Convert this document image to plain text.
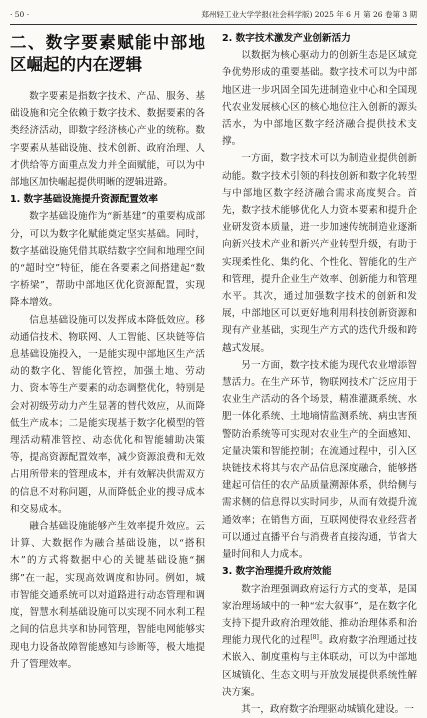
· 50 ·	郑州轻工业大学学报(社会科学版) 2025 年 6 月 第 26 卷第 3 期
二、数字要素赋能中部地区崛起的内在逻辑
数字要素是指数字技术、产品、服务、基础设施和完全依赖于数字技术、数据要素的各类经济活动，即数字经济核心产业的统称。数字要素从基础设施、技术创新、政府治理、人才供给等方面重点发力并全面赋能，可以为中部地区加快崛起提供明晰的逻辑进路。
1. 数字基础设施提升资源配置效率
数字基础设施作为“新基建”的重要构成部分，可以为数字化赋能奠定坚实基础。同时，数字基础设施凭借其联结数字空间和地理空间的“超时空”特征，能在各要素之间搭建起“数字桥梁”，帮助中部地区优化资源配置，实现降本增效。
信息基础设施可以发挥成本降低效应。移动通信技术、物联网、人工智能、区块链等信息基础设施投入，一是能实现中部地区生产活动的数字化、智能化管控，加强土地、劳动力、资本等生产要素的动态调整优化，特别是会对初级劳动力产生显著的替代效应，从而降低生产成本；二是能实现基于数字化模型的管理活动精准管控、动态优化和智能辅助决策等，提高资源配置效率，减少资源浪费和无效占用所带来的管理成本，并有效解决供需双方的信息不对称问题，从而降低企业的搜寻成本和交易成本。
融合基础设施能够产生效率提升效应。云计算、大数据作为融合基础设施，以“搭积木”的方式将数据中心的关键基础设施“捆绑”在一起，实现高效调度和协同。例如，城市智能交通系统可以对道路进行动态管理和调度，智慧水利基础设施可以实现不同水利工程之间的信息共享和协同管理，智能电网能够实现电力设备故障智能感知与诊断等，极大地提升了管理效率。
2. 数字技术激发产业创新活力
以数据为核心驱动力的创新生态是区域竞争优势形成的重要基础。数字技术可以为中部地区进一步巩固全国先进制造业中心和全国现代农业发展核心区的核心地位注入创新的源头活水，为中部地区数字经济融合提供技术支撑。
一方面，数字技术可以为制造业提供创新动能。数字技术引领的科技创新和数字化转型与中部地区数字经济融合需求高度契合。首先，数字技术能够优化人力资本要素和提升企业研发资本质量，进一步加速传统制造业逐渐向新兴技术产业和新兴产业转型升级，有助于实现柔性化、集约化、个性化、智能化的生产和管理，提升企业生产效率、创新能力和管理水平。其次，通过加强数字技术的创新和发展，中部地区可以更好地利用科技创新资源和现有产业基础，实现生产方式的迭代升级和跨越式发展。
另一方面，数字技术能为现代农业增添智慧活力。在生产环节，物联网技术广泛应用于农业生产活动的各个场景，精准灌溉系统、水肥一体化系统、土地墒情监测系统、病虫害预警防治系统等可实现对农业生产的全面感知、定量决策和智能控制；在流通过程中，引入区块链技术将其与农产品信息深度融合，能够搭建起可信任的农产品质量溯源体系，供给侧与需求侧的信息得以实时同步，从而有效提升流通效率；在销售方面，互联网使得农业经营者可以通过直播平台与消费者直接沟通，节省大量时间和人力成本。
3. 数字治理提升政府效能
数字治理强调政府运行方式的变革，是国家治理场域中的一种“宏大叙事”，是在数字化支持下提升政府治理效能、推动治理体系和治理能力现代化的过程[8]。政府数字治理通过技术嵌入、制度重构与主体联动，可以为中部地区城镇化、生态文明与开放发展提供系统性解决方案。
其一，政府数字治理驱动城镇化建设。一
